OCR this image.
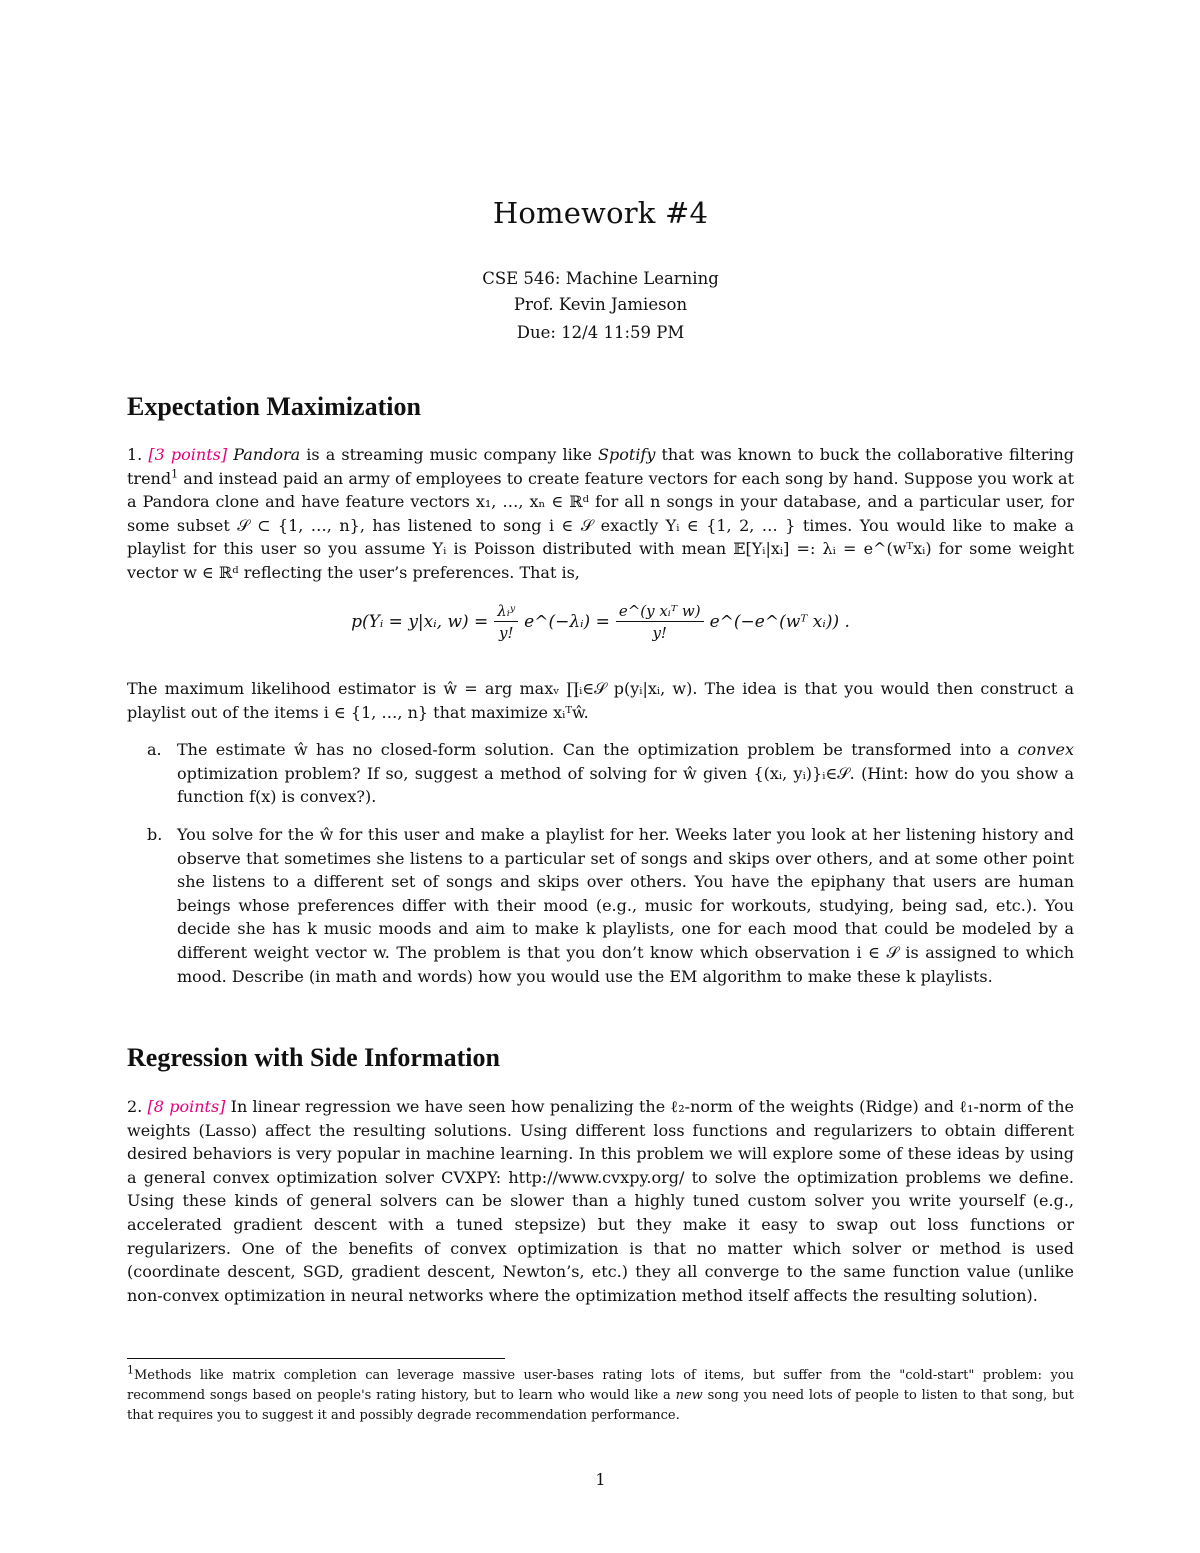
Homework #4
CSE 546: Machine Learning
Prof. Kevin Jamieson
Due: 12/4 11:59 PM
Expectation Maximization
1. [3 points] Pandora is a streaming music company like Spotify that was known to buck the collaborative filtering trend$^1$ and instead paid an army of employees to create feature vectors for each song by hand. Suppose you work at a Pandora clone and have feature vectors x₁, …, xₙ ∈ ℝᵈ for all n songs in your database, and a particular user, for some subset 𝒮 ⊂ {1, …, n}, has listened to song i ∈ 𝒮 exactly Yᵢ ∈ {1, 2, … } times. You would like to make a playlist for this user so you assume Yᵢ is Poisson distributed with mean 𝔼[Yᵢ|xᵢ] =: λᵢ = e^(wᵀxᵢ) for some weight vector w ∈ ℝᵈ reflecting the user’s preferences. That is,
p(Yᵢ = y|xᵢ, $w) = \frac{\text{λᵢʸ}}{y!}$ e^(−λᵢ) = $\frac{\text{e\textasciicircum{}(y xᵢᵀ w)}}{y!}$ e^(−e^(wᵀ xᵢ)) .
The maximum likelihood estimator is ŵ = arg maxᵥ ∏ᵢ∈𝒮 p(yᵢ|xᵢ, w). The idea is that you would then construct a playlist out of the items i ∈ {1, …, n} that maximize xᵢᵀŵ.
a. The estimate ŵ has no closed-form solution. Can the optimization problem be transformed into a convex optimization problem? If so, suggest a method of solving for ŵ given {(xᵢ, yᵢ)}ᵢ∈𝒮. (Hint: how do you show a function f(x) is convex?).
b. You solve for the ŵ for this user and make a playlist for her. Weeks later you look at her listening history and observe that sometimes she listens to a particular set of songs and skips over others, and at some other point she listens to a different set of songs and skips over others. You have the epiphany that users are human beings whose preferences differ with their mood (e.g., music for workouts, studying, being sad, etc.). You decide she has k music moods and aim to make k playlists, one for each mood that could be modeled by a different weight vector w. The problem is that you don’t know which observation i ∈ 𝒮 is assigned to which mood. Describe (in math and words) how you would use the EM algorithm to make these k playlists.
Regression with Side Information
2. [8 points] In linear regression we have seen how penalizing the ℓ₂-norm of the weights (Ridge) and ℓ₁-norm of the weights (Lasso) affect the resulting solutions. Using different loss functions and regularizers to obtain different desired behaviors is very popular in machine learning. In this problem we will explore some of these ideas by using a general convex optimization solver CVXPY: http://www.cvxpy.org/ to solve the optimization problems we define. Using these kinds of general solvers can be slower than a highly tuned custom solver you write yourself (e.g., accelerated gradient descent with a tuned stepsize) but they make it easy to swap out loss functions or regularizers. One of the benefits of convex optimization is that no matter which solver or method is used (coordinate descent, SGD, gradient descent, Newton’s, etc.) they all converge to the same function value (unlike non-convex optimization in neural networks where the optimization method itself affects the resulting solution).
$^1$Methods like matrix completion can leverage massive user-bases rating lots of items, but suffer from the "cold-start" problem: you recommend songs based on people's rating history, but to learn who would like a new song you need lots of people to listen to that song, but that requires you to suggest it and possibly degrade recommendation performance.
1
